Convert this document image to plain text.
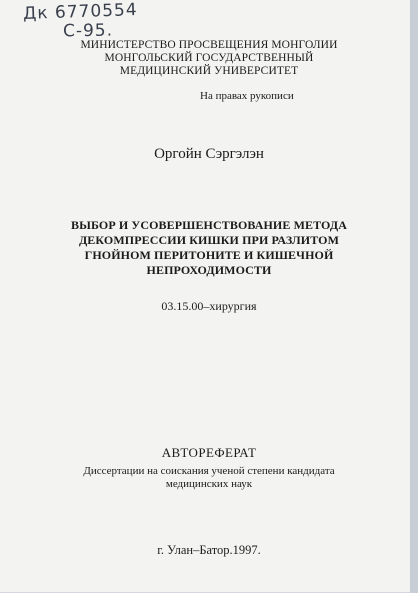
Дк 6770554
С-95.
МИНИСТЕРСТВО ПРОСВЕЩЕНИЯ МОНГОЛИИ
МОНГОЛЬСКИЙ ГОСУДАРСТВЕННЫЙ
МЕДИЦИНСКИЙ УНИВЕРСИТЕТ
На правах рукописи
Оргойн Сэргэлэн
ВЫБОР И УСОВЕРШЕНСТВОВАНИЕ МЕТОДА
ДЕКОМПРЕССИИ КИШКИ ПРИ РАЗЛИТОМ
ГНОЙНОМ ПЕРИТОНИТЕ И КИШЕЧНОЙ
НЕПРОХОДИМОСТИ
03.15.00–хирургия
АВТОРЕФЕРАТ
Диссертации на соискания ученой степени кандидата
медицинских наук
г. Улан–Батор.1997.
